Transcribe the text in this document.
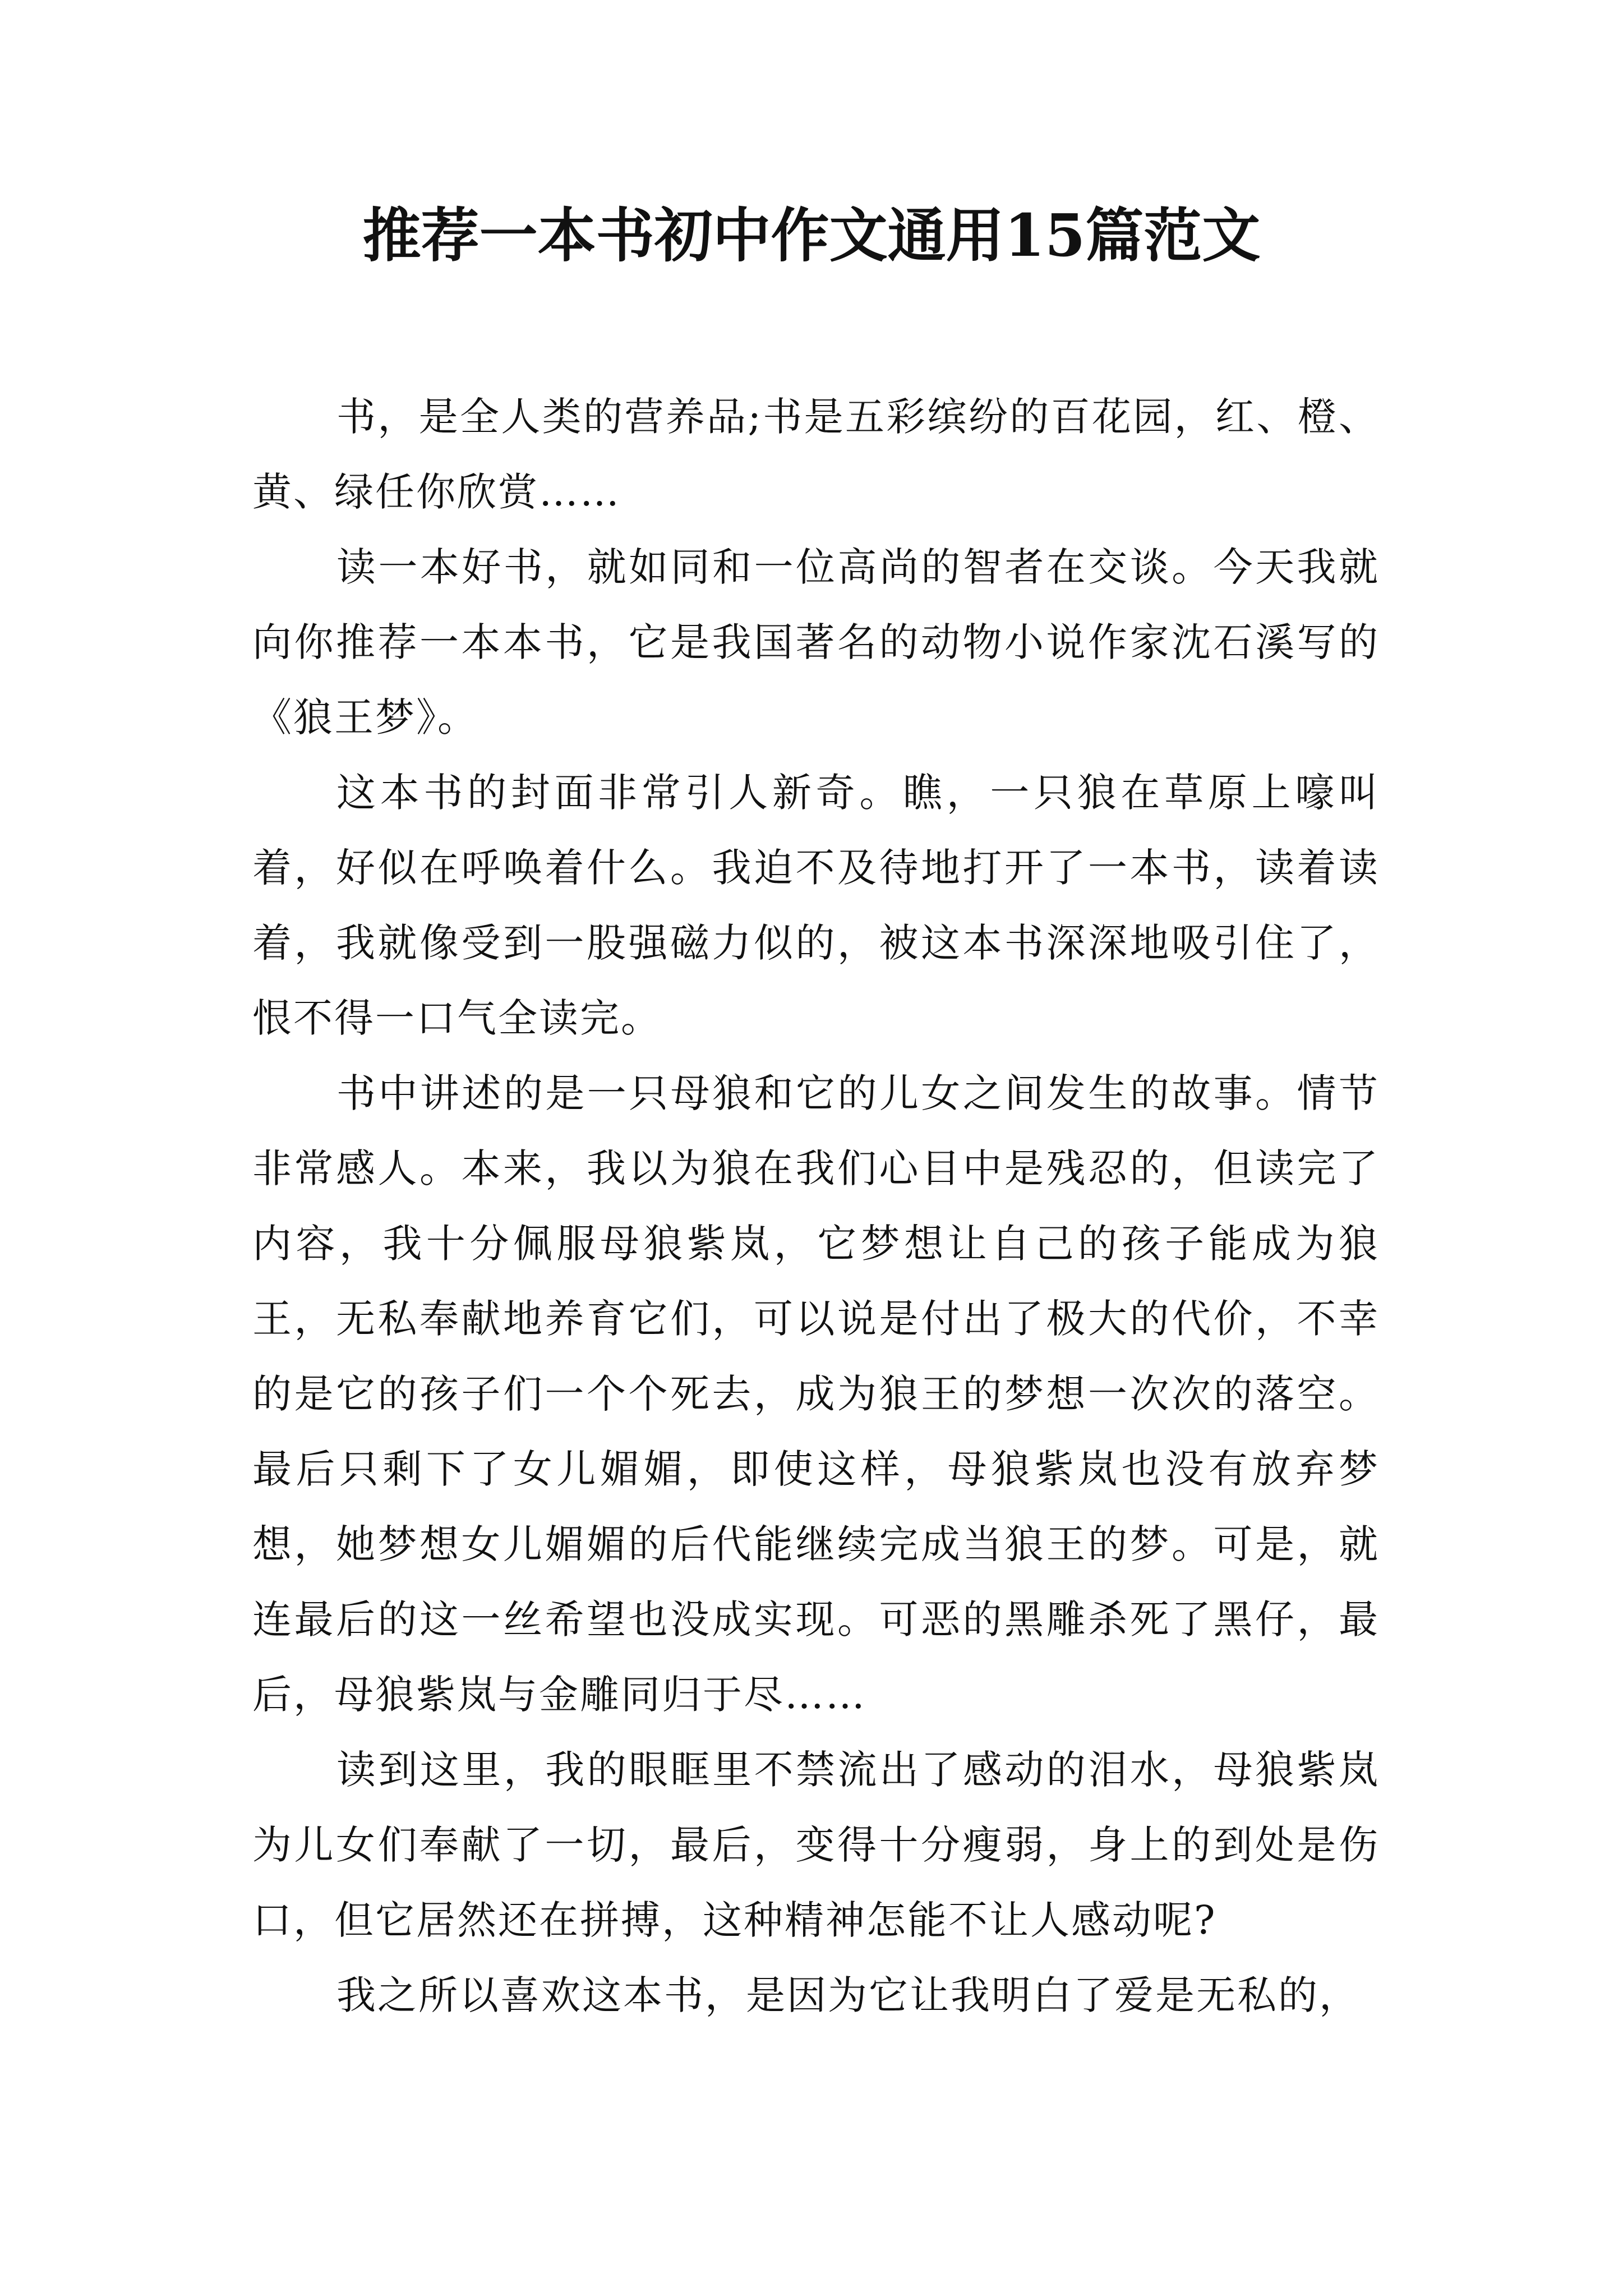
推荐一本书初中作文通用15篇范文

书，是全人类的营养品;书是五彩缤纷的百花园，红、橙、黄、绿任你欣赏……

读一本好书，就如同和一位高尚的智者在交谈。今天我就向你推荐一本本书，它是我国著名的动物小说作家沈石溪写的《狼王梦》。

这本书的封面非常引人新奇。瞧，一只狼在草原上嚎叫着，好似在呼唤着什么。我迫不及待地打开了一本书，读着读着，我就像受到一股强磁力似的，被这本书深深地吸引住了，恨不得一口气全读完。

书中讲述的是一只母狼和它的儿女之间发生的故事。情节非常感人。本来，我以为狼在我们心目中是残忍的，但读完了内容，我十分佩服母狼紫岚，它梦想让自己的孩子能成为狼王，无私奉献地养育它们，可以说是付出了极大的代价，不幸的是它的孩子们一个个死去，成为狼王的梦想一次次的落空。最后只剩下了女儿媚媚，即使这样，母狼紫岚也没有放弃梦想，她梦想女儿媚媚的后代能继续完成当狼王的梦。可是，就连最后的这一丝希望也没成实现。可恶的黑雕杀死了黑仔，最后，母狼紫岚与金雕同归于尽……

读到这里，我的眼眶里不禁流出了感动的泪水，母狼紫岚为儿女们奉献了一切，最后，变得十分瘦弱，身上的到处是伤口，但它居然还在拼搏，这种精神怎能不让人感动呢?

我之所以喜欢这本书，是因为它让我明白了爱是无私的，
